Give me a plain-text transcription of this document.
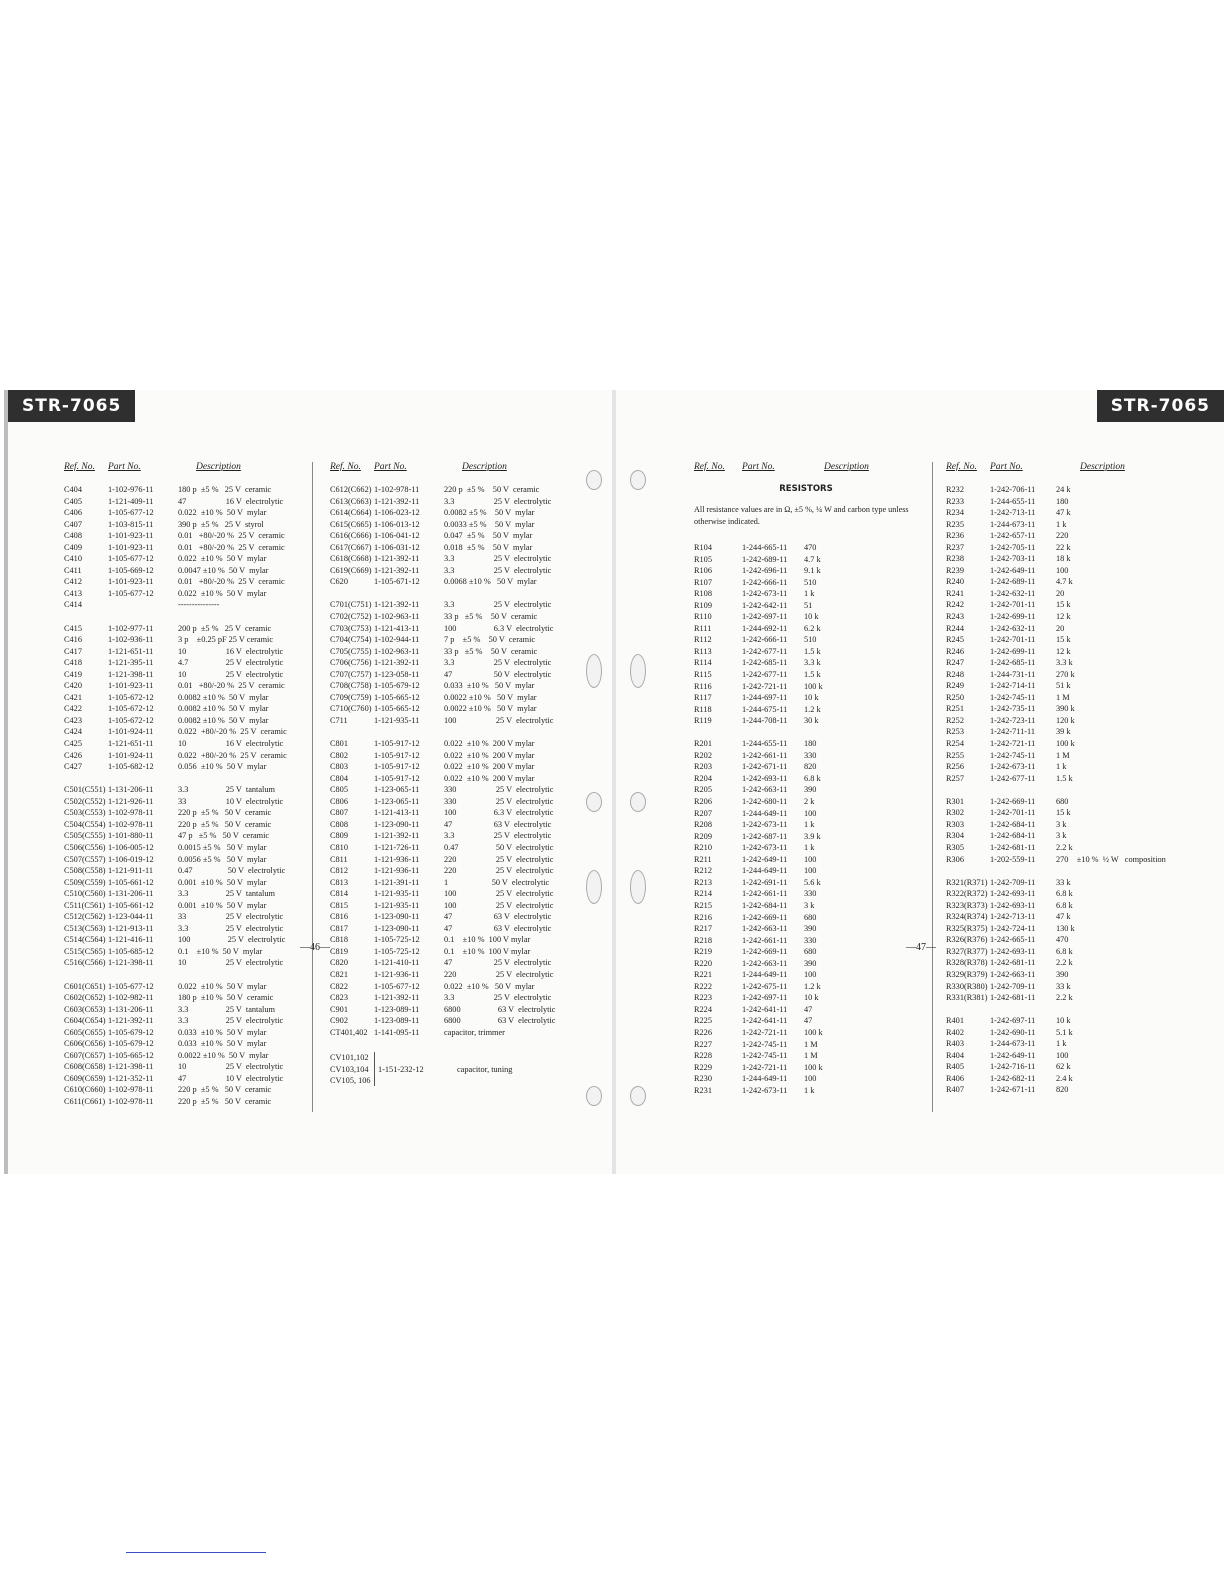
STR-7065
Ref. No.	Part No.	Description
C404	1-102-976-11	180 p  ±5 %   25 V  ceramic
C405	1-121-409-11	47                   16 V  electrolytic
C406	1-105-677-12	0.022  ±10 %  50 V  mylar
C407	1-103-815-11	390 p  ±5 %   25 V  styrol
C408	1-101-923-11	0.01   +80/-20 %  25 V  ceramic
C409	1-101-923-11	0.01   +80/-20 %  25 V  ceramic
C410	1-105-677-12	0.022  ±10 %  50 V  mylar
C411	1-105-669-12	0.0047 ±10 %  50 V  mylar
C412	1-101-923-11	0.01   +80/-20 %  25 V  ceramic
C413	1-105-677-12	0.022  ±10 %  50 V  mylar
C414	---------------
C415	1-102-977-11	200 p  ±5 %   25 V  ceramic
C416	1-102-936-11	3 p    ±0.25 pF 25 V ceramic
C417	1-121-651-11	10                   16 V  electrolytic
C418	1-121-395-11	4.7                  25 V  electrolytic
C419	1-121-398-11	10                   25 V  electrolytic
C420	1-101-923-11	0.01   +80/-20 %  25 V  ceramic
C421	1-105-672-12	0.0082 ±10 %  50 V  mylar
C422	1-105-672-12	0.0082 ±10 %  50 V  mylar
C423	1-105-672-12	0.0082 ±10 %  50 V  mylar
C424	1-101-924-11	0.022  +80/-20 %  25 V  ceramic
C425	1-121-651-11	10                   16 V  electrolytic
C426	1-101-924-11	0.022  +80/-20 %  25 V  ceramic
C427	1-105-682-12	0.056  ±10 %  50 V  mylar
C501(C551) 1-131-206-11	3.3                  25 V  tantalum
C502(C552) 1-121-926-11	33                   10 V  electrolytic
C503(C553) 1-102-978-11	220 p  ±5 %   50 V  ceramic
C504(C554) 1-102-978-11	220 p  ±5 %   50 V  ceramic
C505(C555) 1-101-880-11	47 p   ±5 %   50 V  ceramic
C506(C556) 1-106-005-12	0.0015 ±5 %   50 V  mylar
C507(C557) 1-106-019-12	0.0056 ±5 %   50 V  mylar
C508(C558) 1-121-911-11	0.47                 50 V  electrolytic
C509(C559) 1-105-661-12	0.001  ±10 %  50 V  mylar
C510(C560) 1-131-206-11	3.3                  25 V  tantalum
C511(C561) 1-105-661-12	0.001  ±10 %  50 V  mylar
C512(C562) 1-123-044-11	33                   25 V  electrolytic
C513(C563) 1-121-913-11	3.3                  25 V  electrolytic
C514(C564) 1-121-416-11	100                  25 V  electrolytic
C515(C565) 1-105-685-12	0.1    ±10 %  50 V  mylar
C516(C566) 1-121-398-11	10                   25 V  electrolytic
C601(C651) 1-105-677-12	0.022  ±10 %  50 V  mylar
C602(C652) 1-102-982-11	180 p  ±10 %  50 V  ceramic
C603(C653) 1-131-206-11	3.3                  25 V  tantalum
C604(C654) 1-121-392-11	3.3                  25 V  electrolytic
C605(C655) 1-105-679-12	0.033  ±10 %  50 V  mylar
C606(C656) 1-105-679-12	0.033  ±10 %  50 V  mylar
C607(C657) 1-105-665-12	0.0022 ±10 %  50 V  mylar
C608(C658) 1-121-398-11	10                   25 V  electrolytic
C609(C659) 1-121-352-11	47                   10 V  electrolytic
C610(C660) 1-102-978-11	220 p  ±5 %   50 V  ceramic
C611(C661) 1-102-978-11	220 p  ±5 %   50 V  ceramic
Ref. No.	Part No.	Description
C612(C662) 1-102-978-11	220 p  ±5 %    50 V  ceramic
C613(C663) 1-121-392-11	3.3                   25 V  electrolytic
C614(C664) 1-106-023-12	0.0082 ±5 %    50 V  mylar
C615(C665) 1-106-013-12	0.0033 ±5 %    50 V  mylar
C616(C666) 1-106-041-12	0.047  ±5 %    50 V  mylar
C617(C667) 1-106-031-12	0.018  ±5 %    50 V  mylar
C618(C668) 1-121-392-11	3.3                   25 V  electrolytic
C619(C669) 1-121-392-11	3.3                   25 V  electrolytic
C620	1-105-671-12	0.0068 ±10 %   50 V  mylar
C701(C751) 1-121-392-11	3.3                   25 V  electrolytic
C702(C752) 1-102-963-11	33 p   ±5 %    50 V  ceramic
C703(C753) 1-121-413-11	100                  6.3 V  electrolytic
C704(C754) 1-102-944-11	7 p    ±5 %    50 V  ceramic
C705(C755) 1-102-963-11	33 p   ±5 %    50 V  ceramic
C706(C756) 1-121-392-11	3.3                   25 V  electrolytic
C707(C757) 1-123-058-11	47                    50 V  electrolytic
C708(C758) 1-105-679-12	0.033  ±10 %   50 V  mylar
C709(C759) 1-105-665-12	0.0022 ±10 %   50 V  mylar
C710(C760) 1-105-665-12	0.0022 ±10 %   50 V  mylar
C711	1-121-935-11	100                   25 V  electrolytic
C801	1-105-917-12	0.022  ±10 %  200 V mylar
C802	1-105-917-12	0.022  ±10 %  200 V mylar
C803	1-105-917-12	0.022  ±10 %  200 V mylar
C804	1-105-917-12	0.022  ±10 %  200 V mylar
C805	1-123-065-11	330                   25 V  electrolytic
C806	1-123-065-11	330                   25 V  electrolytic
C807	1-121-413-11	100                  6.3 V  electrolytic
C808	1-123-090-11	47                    63 V  electrolytic
C809	1-121-392-11	3.3                   25 V  electrolytic
C810	1-121-726-11	0.47                  50 V  electrolytic
C811	1-121-936-11	220                   25 V  electrolytic
C812	1-121-936-11	220                   25 V  electrolytic
C813	1-121-391-11	1                     50 V  electrolytic
C814	1-121-935-11	100                   25 V  electrolytic
C815	1-121-935-11	100                   25 V  electrolytic
C816	1-123-090-11	47                    63 V  electrolytic
C817	1-123-090-11	47                    63 V  electrolytic
C818	1-105-725-12	0.1    ±10 %  100 V mylar
C819	1-105-725-12	0.1    ±10 %  100 V mylar
C820	1-121-410-11	47                    25 V  electrolytic
C821	1-121-936-11	220                   25 V  electrolytic
C822	1-105-677-12	0.022  ±10 %   50 V  mylar
C823	1-121-392-11	3.3                   25 V  electrolytic
C901	1-123-089-11	6800                  63 V  electrolytic
C902	1-123-089-11	6800                  63 V  electrolytic
CT401,402 1-141-095-11	capacitor, trimmer
CV101,102
CV103,104
CV105, 106
1-151-232-12	capacitor, tuning
—46—
STR-7065
Ref. No.	Part No.	Description
RESISTORS
All resistance values are in Ω, ±5 %, ¼ W and carbon type unless otherwise indicated.
R104	1-244-665-11	470
R105	1-242-689-11	4.7 k
R106	1-242-696-11	9.1 k
R107	1-242-666-11	510
R108	1-242-673-11	1 k
R109	1-242-642-11	51
R110	1-242-697-11	10 k
R111	1-244-692-11	6.2 k
R112	1-242-666-11	510
R113	1-242-677-11	1.5 k
R114	1-242-685-11	3.3 k
R115	1-242-677-11	1.5 k
R116	1-242-721-11	100 k
R117	1-244-697-11	10 k
R118	1-244-675-11	1.2 k
R119	1-244-708-11	30 k
R201	1-244-655-11	180
R202	1-242-661-11	330
R203	1-242-671-11	820
R204	1-242-693-11	6.8 k
R205	1-242-663-11	390
R206	1-242-680-11	2 k
R207	1-244-649-11	100
R208	1-242-673-11	1 k
R209	1-242-687-11	3.9 k
R210	1-242-673-11	1 k
R211	1-242-649-11	100
R212	1-244-649-11	100
R213	1-242-691-11	5.6 k
R214	1-242-661-11	330
R215	1-242-684-11	3 k
R216	1-242-669-11	680
R217	1-242-663-11	390
R218	1-242-661-11	330
R219	1-242-669-11	680
R220	1-242-663-11	390
R221	1-244-649-11	100
R222	1-242-675-11	1.2 k
R223	1-242-697-11	10 k
R224	1-242-641-11	47
R225	1-242-641-11	47
R226	1-242-721-11	100 k
R227	1-242-745-11	1 M
R228	1-242-745-11	1 M
R229	1-242-721-11	100 k
R230	1-244-649-11	100
R231	1-242-673-11	1 k
Ref. No.	Part No.	Description
R232	1-242-706-11	24 k
R233	1-244-655-11	180
R234	1-242-713-11	47 k
R235	1-244-673-11	1 k
R236	1-242-657-11	220
R237	1-242-705-11	22 k
R238	1-242-703-11	18 k
R239	1-242-649-11	100
R240	1-242-689-11	4.7 k
R241	1-242-632-11	20
R242	1-242-701-11	15 k
R243	1-242-699-11	12 k
R244	1-242-632-11	20
R245	1-242-701-11	15 k
R246	1-242-699-11	12 k
R247	1-242-685-11	3.3 k
R248	1-244-731-11	270 k
R249	1-242-714-11	51 k
R250	1-242-745-11	1 M
R251	1-242-735-11	390 k
R252	1-242-723-11	120 k
R253	1-242-711-11	39 k
R254	1-242-721-11	100 k
R255	1-242-745-11	1 M
R256	1-242-673-11	1 k
R257	1-242-677-11	1.5 k
R301	1-242-669-11	680
R302	1-242-701-11	15 k
R303	1-242-684-11	3 k
R304	1-242-684-11	3 k
R305	1-242-681-11	2.2 k
R306	1-202-559-11	270    ±10 %  ½ W   composition
R321(R371) 1-242-709-11	33 k
R322(R372) 1-242-693-11	6.8 k
R323(R373) 1-242-693-11	6.8 k
R324(R374) 1-242-713-11	47 k
R325(R375) 1-242-724-11	130 k
R326(R376) 1-242-665-11	470
R327(R377) 1-242-693-11	6.8 k
R328(R378) 1-242-681-11	2.2 k
R329(R379) 1-242-663-11	390
R330(R380) 1-242-709-11	33 k
R331(R381) 1-242-681-11	2.2 k
R401	1-242-697-11	10 k
R402	1-242-690-11	5.1 k
R403	1-244-673-11	1 k
R404	1-242-649-11	100
R405	1-242-716-11	62 k
R406	1-242-682-11	2.4 k
R407	1-242-671-11	820
—47—
